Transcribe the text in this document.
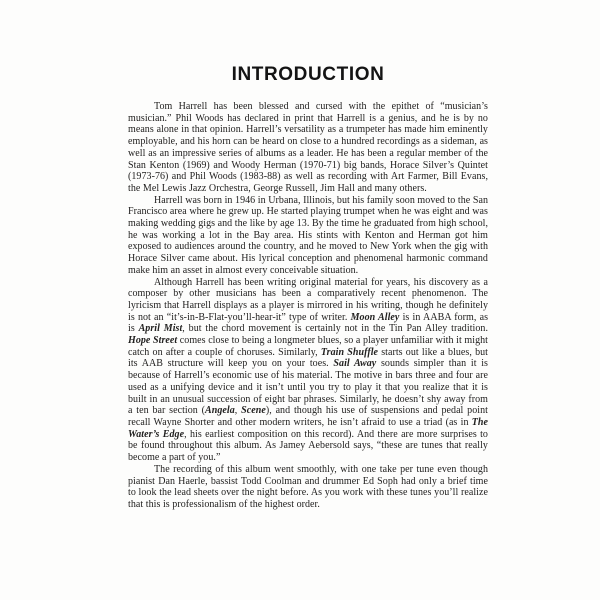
INTRODUCTION

Tom Harrell has been blessed and cursed with the epithet of “musician’s musician.” Phil Woods has declared in print that Harrell is a genius, and he is by no means alone in that opinion. Harrell’s versatility as a trumpeter has made him eminently employable, and his horn can be heard on close to a hundred recordings as a sideman, as well as an impressive series of albums as a leader. He has been a regular member of the Stan Kenton (1969) and Woody Herman (1970-71) big bands, Horace Silver’s Quintet (1973-76) and Phil Woods (1983-88) as well as recording with Art Farmer, Bill Evans, the Mel Lewis Jazz Orchestra, George Russell, Jim Hall and many others.

Harrell was born in 1946 in Urbana, Illinois, but his family soon moved to the San Francisco area where he grew up. He started playing trumpet when he was eight and was making wedding gigs and the like by age 13. By the time he graduated from high school, he was working a lot in the Bay area. His stints with Kenton and Herman got him exposed to audiences around the country, and he moved to New York when the gig with Horace Silver came about. His lyrical conception and phenomenal harmonic command make him an asset in almost every conceivable situation.

Although Harrell has been writing original material for years, his discovery as a composer by other musicians has been a comparatively recent phenomenon. The lyricism that Harrell displays as a player is mirrored in his writing, though he definitely is not an “it’s-in-B-Flat-you’ll-hear-it” type of writer. Moon Alley is in AABA form, as is April Mist, but the chord movement is certainly not in the Tin Pan Alley tradition. Hope Street comes close to being a longmeter blues, so a player unfamiliar with it might catch on after a couple of choruses. Similarly, Train Shuffle starts out like a blues, but its AAB structure will keep you on your toes. Sail Away sounds simpler than it is because of Harrell’s economic use of his material. The motive in bars three and four are used as a unifying device and it isn’t until you try to play it that you realize that it is built in an unusual succession of eight bar phrases. Similarly, he doesn’t shy away from a ten bar section (Angela, Scene), and though his use of suspensions and pedal point recall Wayne Shorter and other modern writers, he isn’t afraid to use a triad (as in The Water’s Edge, his earliest composition on this record). And there are more surprises to be found throughout this album. As Jamey Aebersold says, “these are tunes that really become a part of you.”

The recording of this album went smoothly, with one take per tune even though pianist Dan Haerle, bassist Todd Coolman and drummer Ed Soph had only a brief time to look the lead sheets over the night before. As you work with these tunes you’ll realize that this is professionalism of the highest order.
